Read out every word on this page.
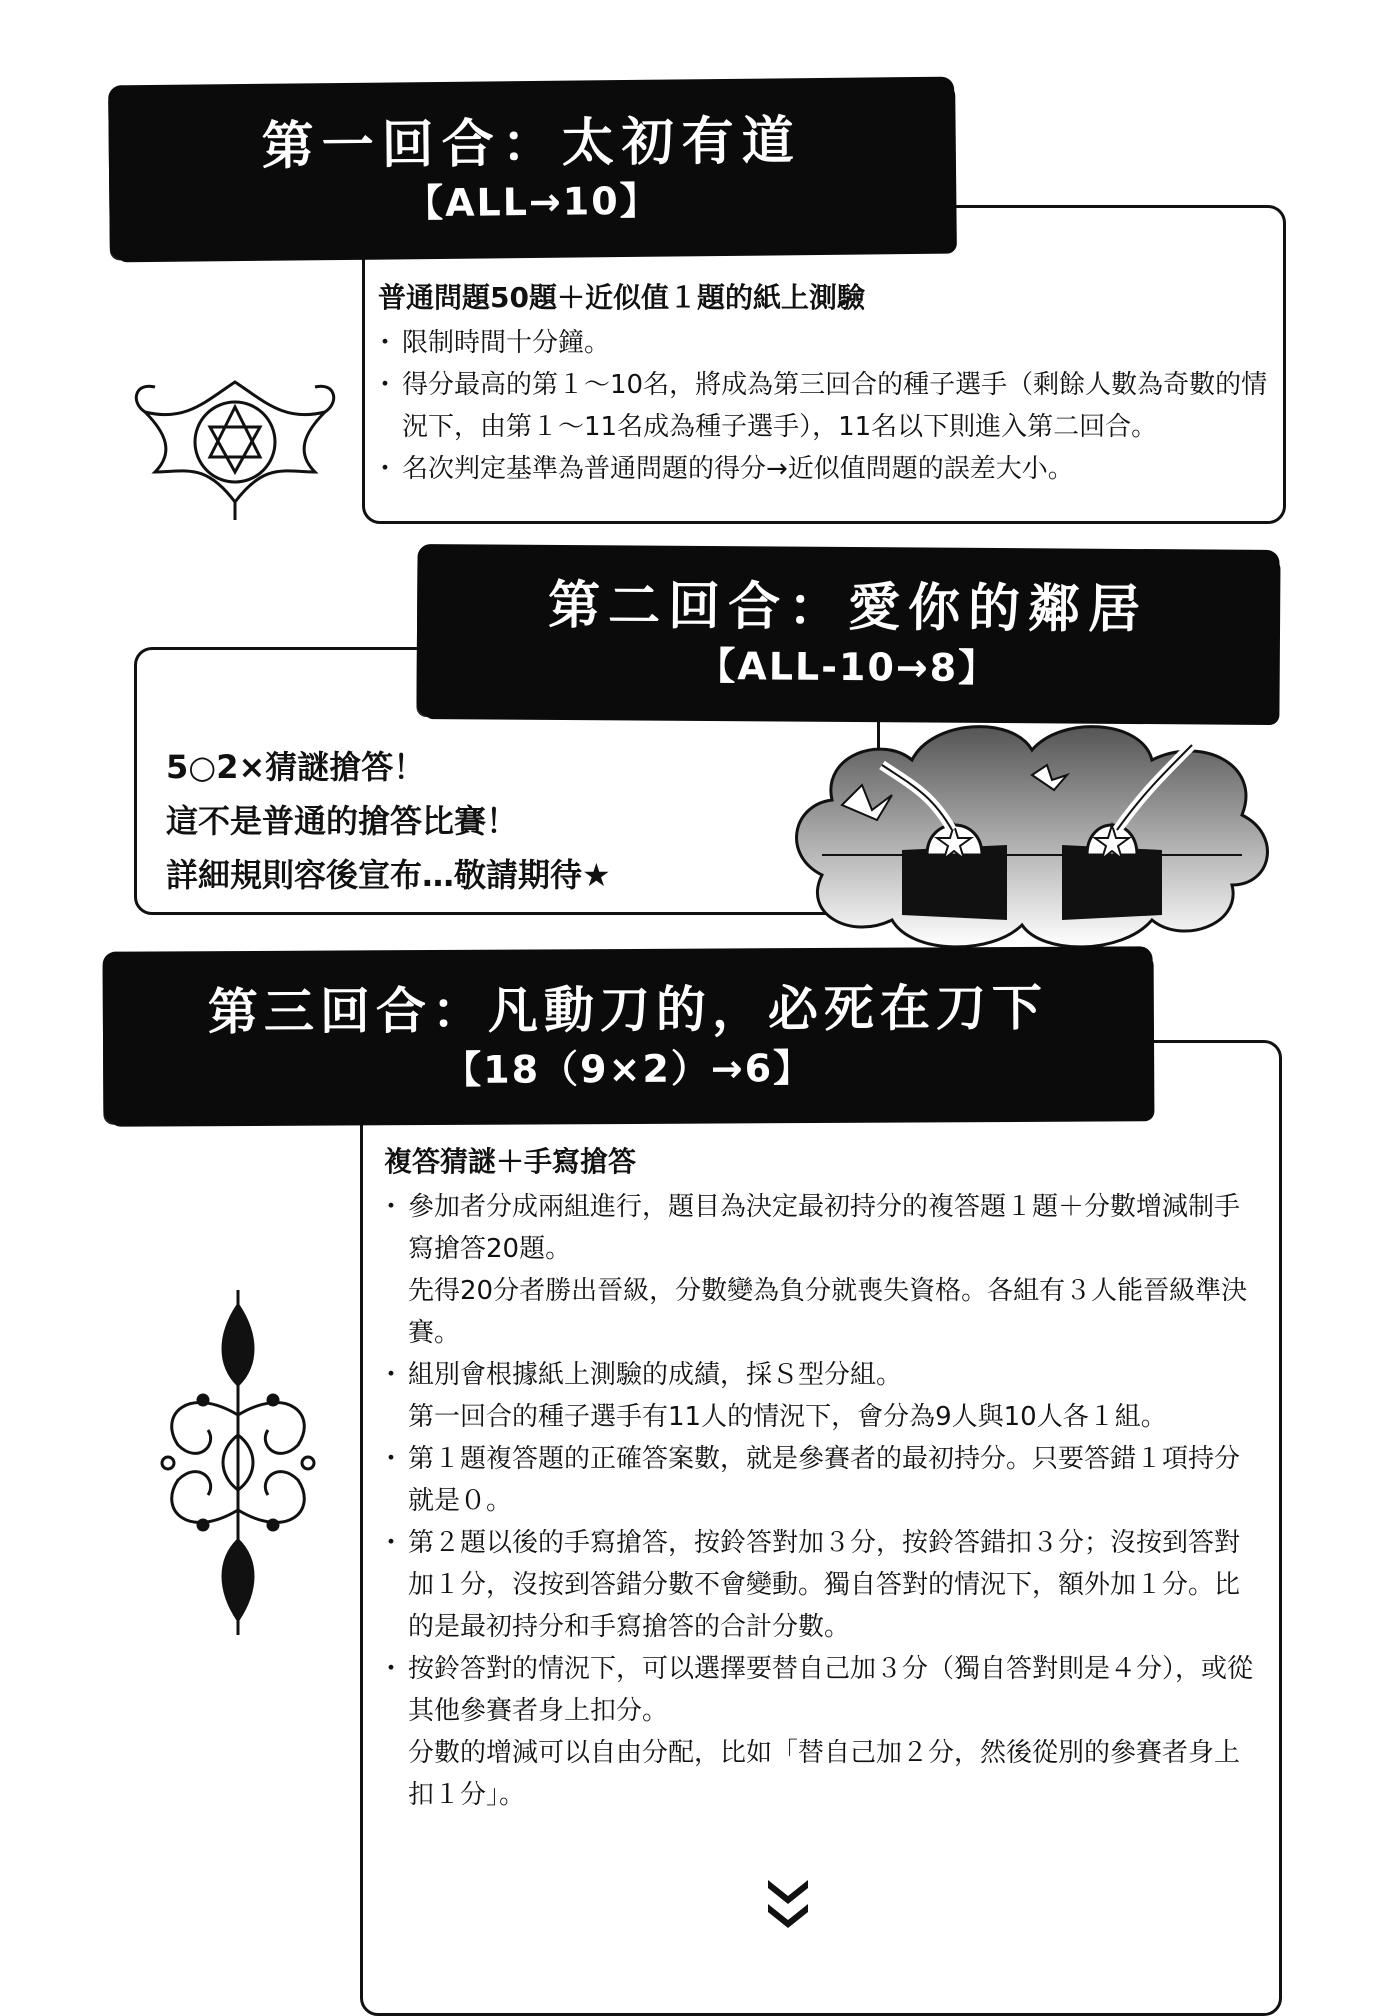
第一回合：太初有道
【ALL→10】
普通問題50題＋近似值１題的紙上測驗
・ 限制時間十分鐘。
・ 得分最高的第１～10名，將成為第三回合的種子選手（剩餘人數為奇數的情況下，由第１～11名成為種子選手），11名以下則進入第二回合。
・ 名次判定基準為普通問題的得分→近似值問題的誤差大小。
第二回合：愛你的鄰居
【ALL-10→8】
5○2×猜謎搶答！
這不是普通的搶答比賽！
詳細規則容後宣布…敬請期待★
第三回合：凡動刀的，必死在刀下
【18（9×2）→6】
複答猜謎＋手寫搶答
・ 參加者分成兩組進行，題目為決定最初持分的複答題１題＋分數增減制手寫搶答20題。
先得20分者勝出晉級，分數變為負分就喪失資格。各組有３人能晉級準決賽。
・ 組別會根據紙上測驗的成績，採Ｓ型分組。
第一回合的種子選手有11人的情況下，會分為9人與10人各１組。
・ 第１題複答題的正確答案數，就是參賽者的最初持分。只要答錯１項持分就是０。
・ 第２題以後的手寫搶答，按鈴答對加３分，按鈴答錯扣３分；沒按到答對加１分，沒按到答錯分數不會變動。獨自答對的情況下，額外加１分。比的是最初持分和手寫搶答的合計分數。
・ 按鈴答對的情況下，可以選擇要替自己加３分（獨自答對則是４分），或從其他參賽者身上扣分。
分數的增減可以自由分配，比如「替自己加２分，然後從別的參賽者身上扣１分」。
